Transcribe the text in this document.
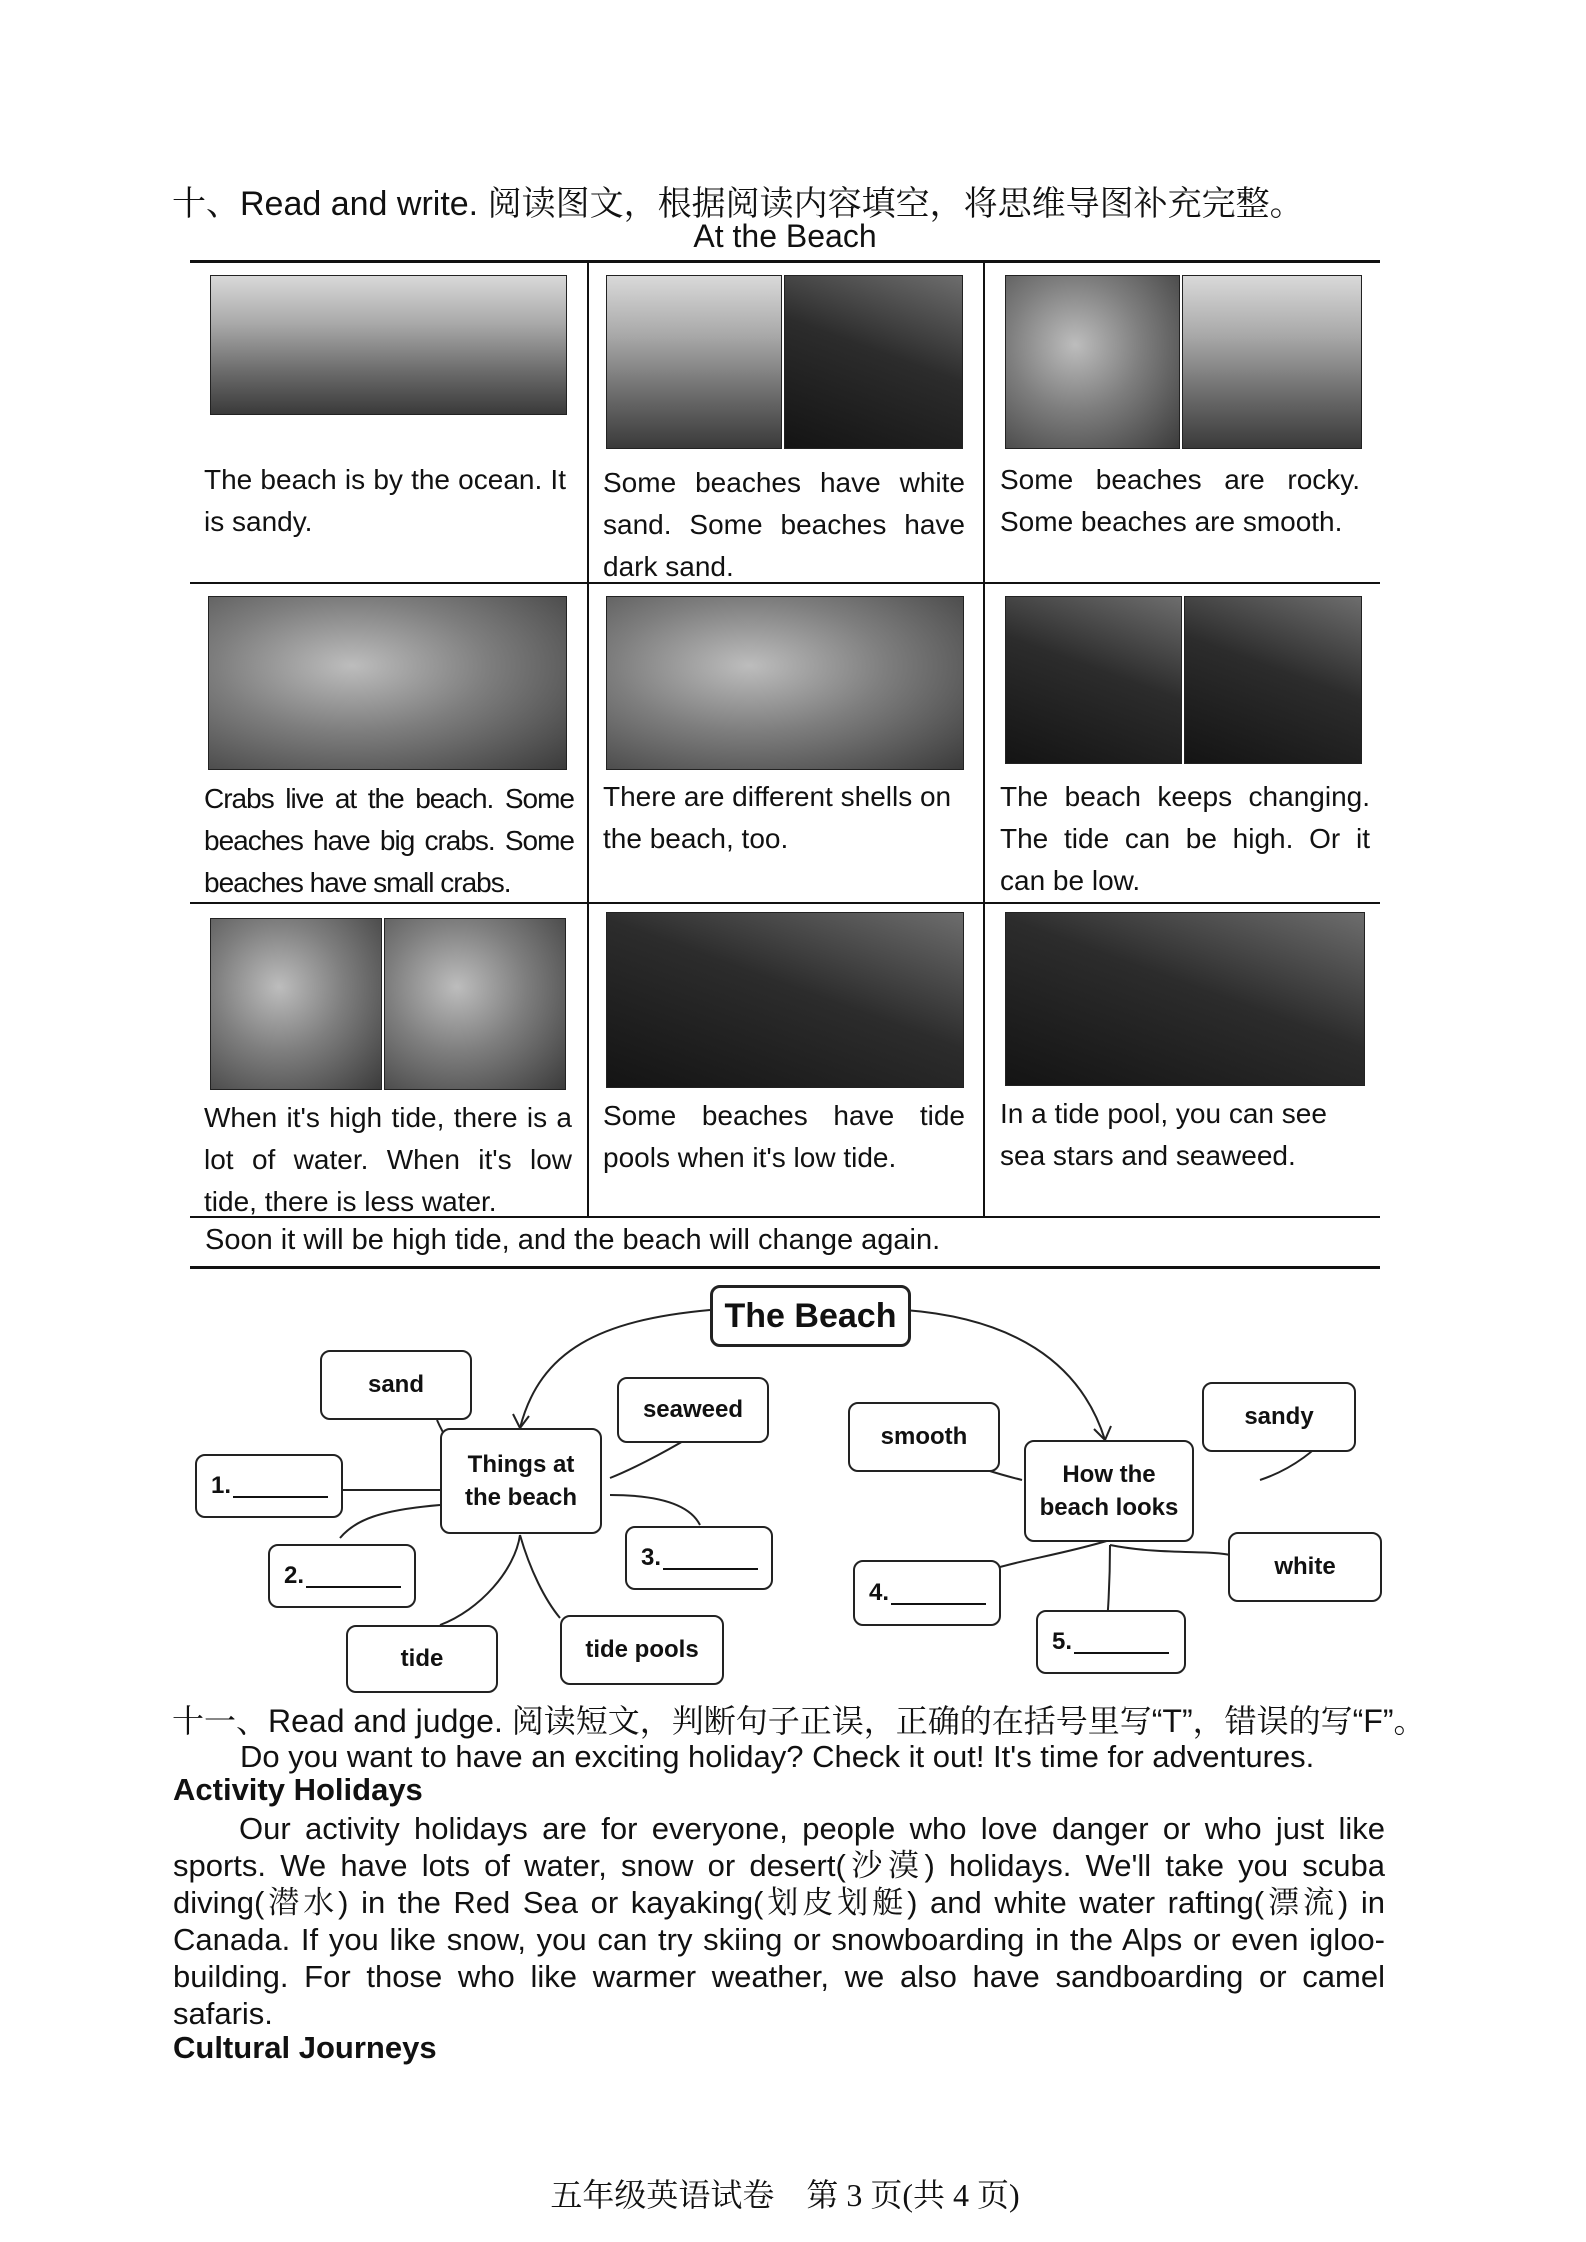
十、Read and write. 阅读图文，根据阅读内容填空，将思维导图补充完整。
At the Beach
The beach is by the ocean. It is sandy.
Some beaches have white sand. Some beaches have dark sand.
Some beaches are rocky. Some beaches are smooth.
Crabs live at the beach. Some beaches have big crabs. Some beaches have small crabs.
There are different shells on the beach, too.
The beach keeps changing. The tide can be high. Or it can be low.
When it's high tide, there is a lot of water. When it's low tide, there is less water.
Some beaches have tide pools when it's low tide.
In a tide pool, you can see sea stars and seaweed.
Soon it will be high tide, and the beach will change again.
The Beach
Things at the beach
How the beach looks
sand
seaweed
tide	tide pools
smooth
sandy
white
1.
2.
3.
4.
5.
十一、Read and judge. 阅读短文，判断句子正误，正确的在括号里写“T”，错误的写“F”。
Do you want to have an exciting holiday? Check it out! It's time for adventures.
Activity Holidays
Our activity holidays are for everyone, people who love danger or who just like sports. We have lots of water, snow or desert(沙漠) holidays. We'll take you scuba diving(潜水) in the Red Sea or kayaking(划皮划艇) and white water rafting(漂流) in Canada. If you like snow, you can try skiing or snowboarding in the Alps or even igloo-building. For those who like warmer weather, we also have sandboarding or camel safaris.
Cultural Journeys
五年级英语试卷　第 3 页(共 4 页)
